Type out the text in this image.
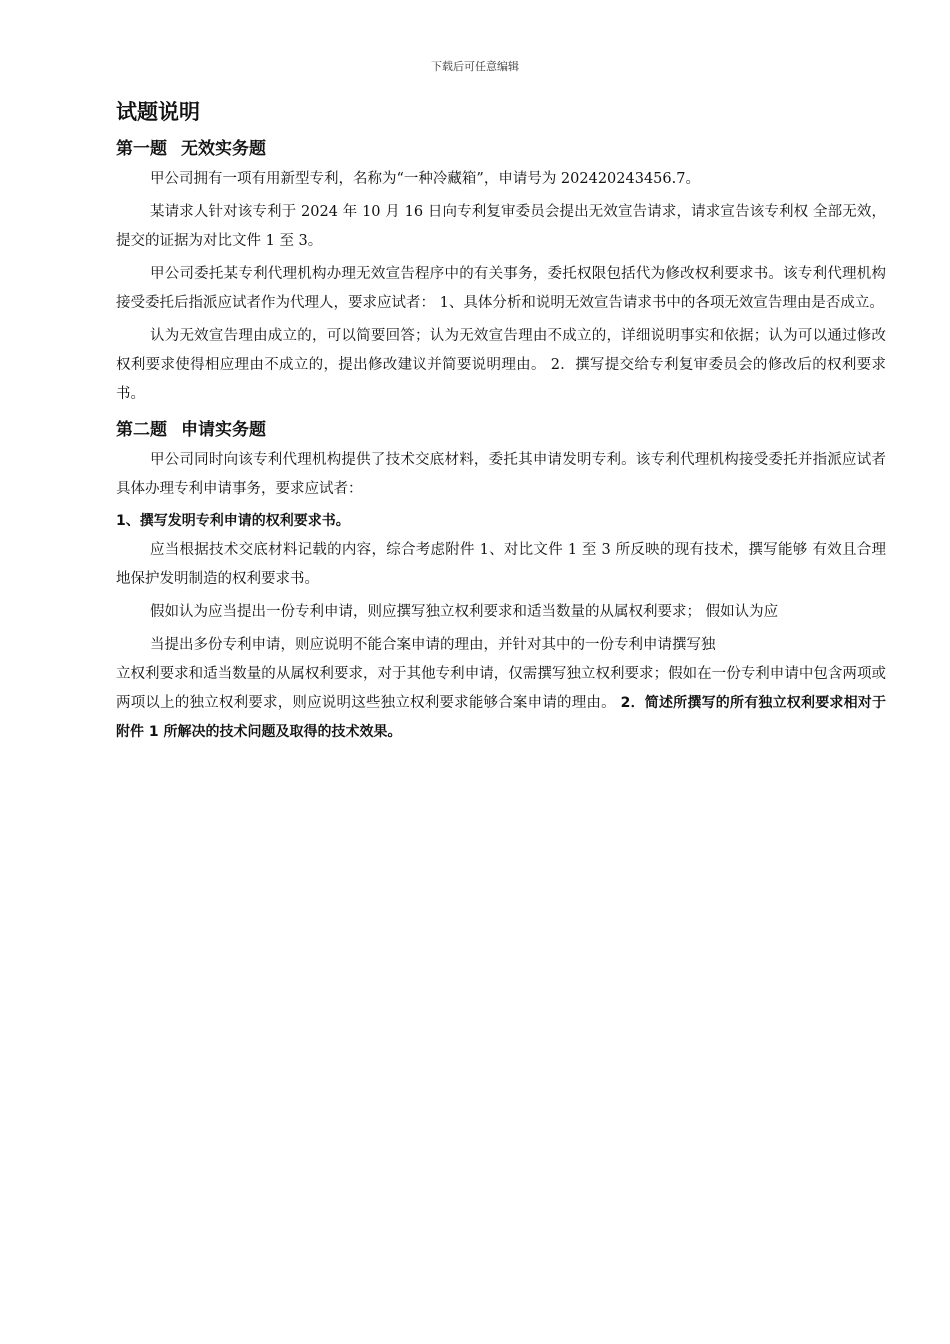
下载后可任意编辑
试题说明
第一题 无效实务题

甲公司拥有一项有用新型专利，名称为“一种冷藏箱”，申请号为 202420243456.7。

某请求人针对该专利于 2024 年 10 月 16 日向专利复审委员会提出无效宣告请求，请求宣告该专利权 全部无效，提交的证据为对比文件 1 至 3。

甲公司委托某专利代理机构办理无效宣告程序中的有关事务，委托权限包括代为修改权利要求书。该专利代理机构接受委托后指派应试者作为代理人，要求应试者： 1、具体分析和说明无效宣告请求书中的各项无效宣告理由是否成立。

认为无效宣告理由成立的，可以简要回答；认为无效宣告理由不成立的，详细说明事实和依据；认为可以通过修改权利要求使得相应理由不成立的，提出修改建议并简要说明理由。 2．撰写提交给专利复审委员会的修改后的权利要求书。

第二题 申请实务题

甲公司同时向该专利代理机构提供了技术交底材料，委托其申请发明专利。该专利代理机构接受委托并指派应试者具体办理专利申请事务，要求应试者：

1、撰写发明专利申请的权利要求书。

应当根据技术交底材料记载的内容，综合考虑附件 1、对比文件 1 至 3 所反映的现有技术，撰写能够 有效且合理地保护发明制造的权利要求书。

假如认为应当提出一份专利申请，则应撰写独立权利要求和适当数量的从属权利要求； 假如认为应

当提出多份专利申请，则应说明不能合案申请的理由，并针对其中的一份专利申请撰写独

立权利要求和适当数量的从属权利要求，对于其他专利申请，仅需撰写独立权利要求；假如在一份专利申请中包含两项或两项以上的独立权利要求，则应说明这些独立权利要求能够合案申请的理由。 2．简述所撰写的所有独立权利要求相对于附件 1 所解决的技术问题及取得的技术效果。
